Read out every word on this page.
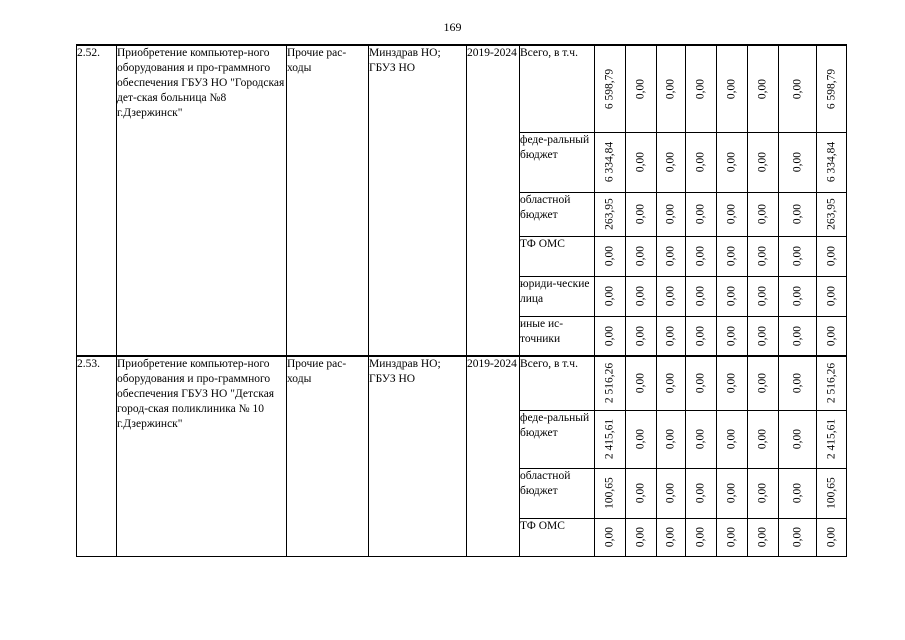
169
2.52.	Приобретение компьютер-ного оборудования и про-граммного обеспечения ГБУЗ НО "Городская дет-ская больница №8 г.Дзержинск"	Прочие рас-ходы	Минздрав НО; ГБУЗ НО	2019-2024	Всего, в т.ч.	6 598,79	0,00	0,00	0,00	0,00	0,00	0,00	6 598,79

					феде-ральный бюджет	6 334,84	0,00	0,00	0,00	0,00	0,00	0,00	6 334,84

					областной бюджет	263,95	0,00	0,00	0,00	0,00	0,00	0,00	263,95

					ТФ ОМС	0,00	0,00	0,00	0,00	0,00	0,00	0,00	0,00

					юриди-ческие лица	0,00	0,00	0,00	0,00	0,00	0,00	0,00	0,00

					иные ис-точники	0,00	0,00	0,00	0,00	0,00	0,00	0,00	0,00

2.53.	Приобретение компьютер-ного оборудования и про-граммного обеспечения ГБУЗ НО "Детская город-ская поликлиника № 10 г.Дзержинск"	Прочие рас-ходы	Минздрав НО; ГБУЗ НО	2019-2024	Всего, в т.ч.	2 516,26	0,00	0,00	0,00	0,00	0,00	0,00	2 516,26

					феде-ральный бюджет	2 415,61	0,00	0,00	0,00	0,00	0,00	0,00	2 415,61

					областной бюджет	100,65	0,00	0,00	0,00	0,00	0,00	0,00	100,65

					ТФ ОМС	0,00	0,00	0,00	0,00	0,00	0,00	0,00	0,00
